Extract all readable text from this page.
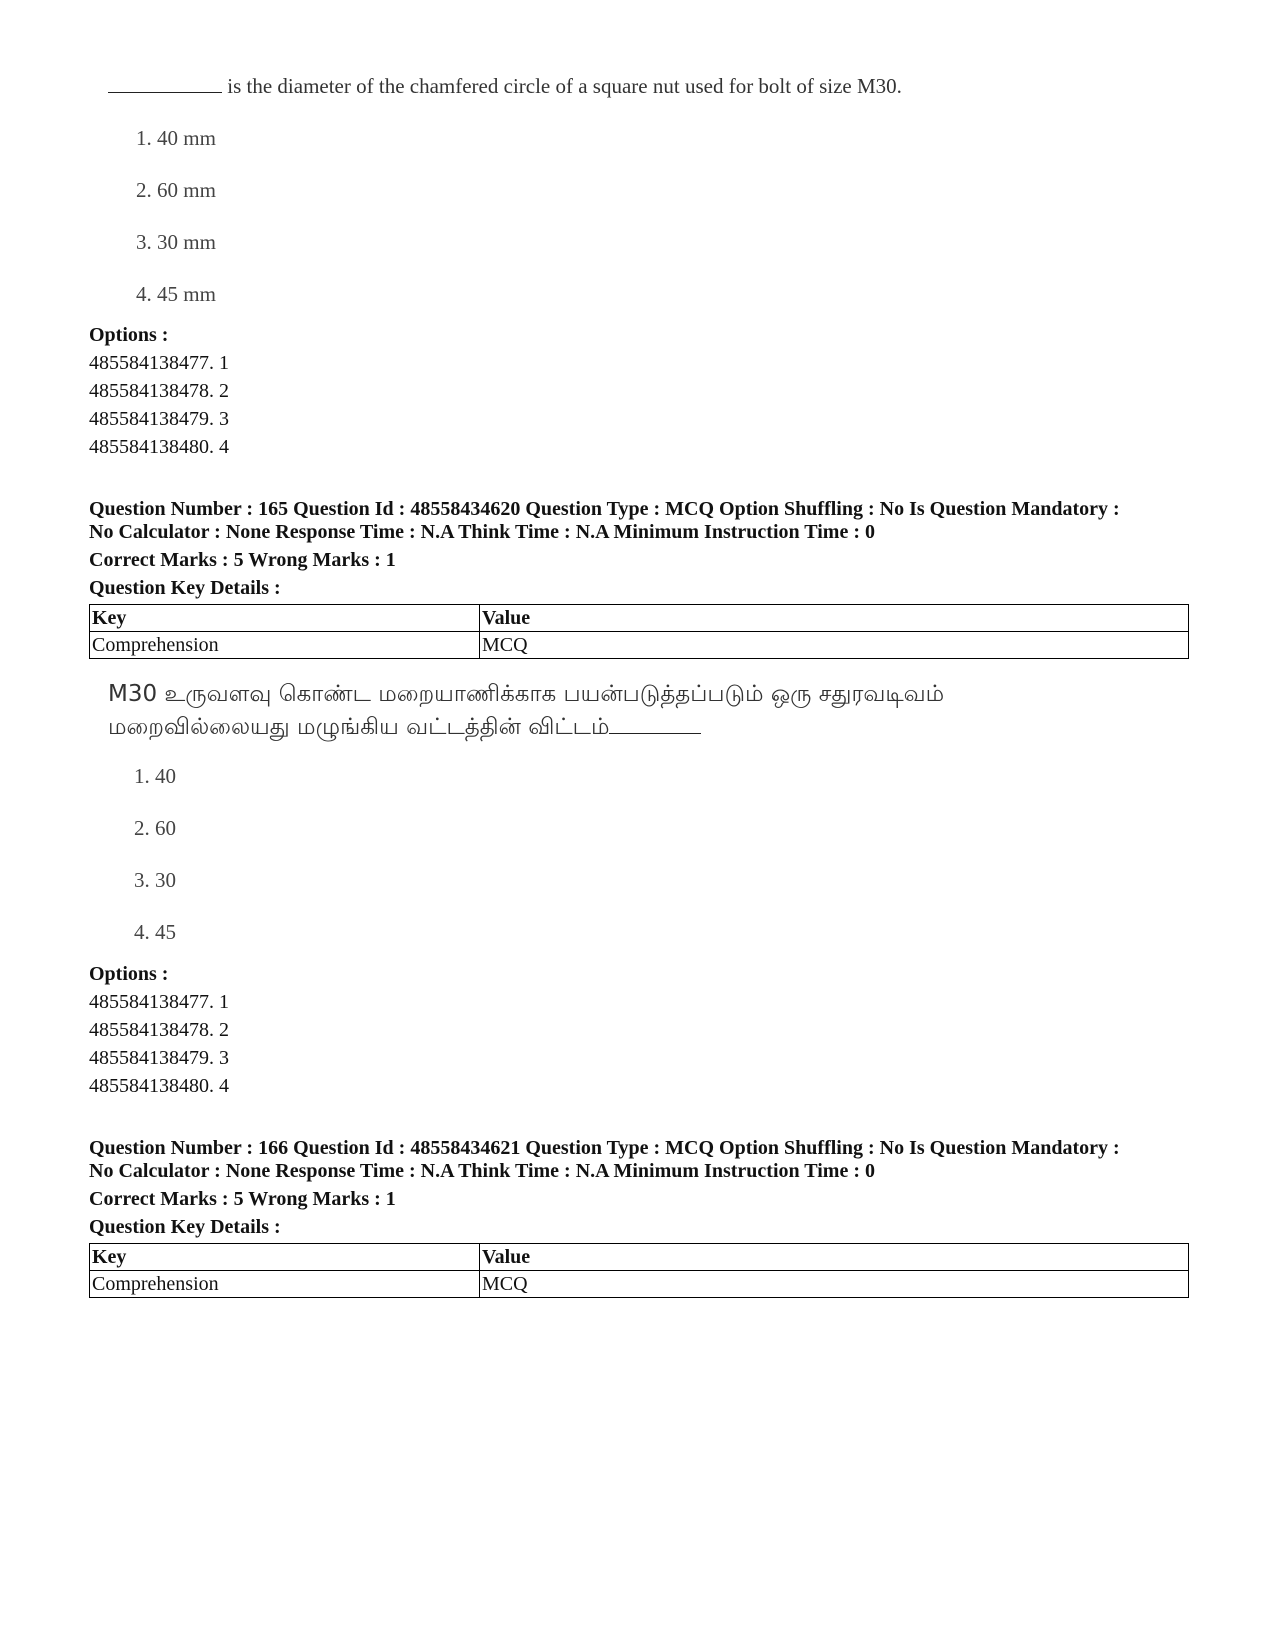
is the diameter of the chamfered circle of a square nut used for bolt of size M30.
1. 40 mm
2. 60 mm
3. 30 mm
4. 45 mm
Options :
485584138477. 1
485584138478. 2
485584138479. 3
485584138480. 4
Question Number : 165 Question Id : 48558434620 Question Type : MCQ Option Shuffling : No Is Question Mandatory :
No Calculator : None Response Time : N.A Think Time : N.A Minimum Instruction Time : 0
Correct Marks : 5 Wrong Marks : 1
Question Key Details :
Key	Value
Comprehension	MCQ
M30 உருவளவு கொண்ட மறையாணிக்காக பயன்படுத்தப்படும் ஒரு சதுரவடிவம்
மறைவில்லையது மழுங்கிய வட்டத்தின் விட்டம்
1. 40
2. 60
3. 30
4. 45
Options :
485584138477. 1
485584138478. 2
485584138479. 3
485584138480. 4
Question Number : 166 Question Id : 48558434621 Question Type : MCQ Option Shuffling : No Is Question Mandatory :
No Calculator : None Response Time : N.A Think Time : N.A Minimum Instruction Time : 0
Correct Marks : 5 Wrong Marks : 1
Question Key Details :
Key	Value
Comprehension	MCQ
